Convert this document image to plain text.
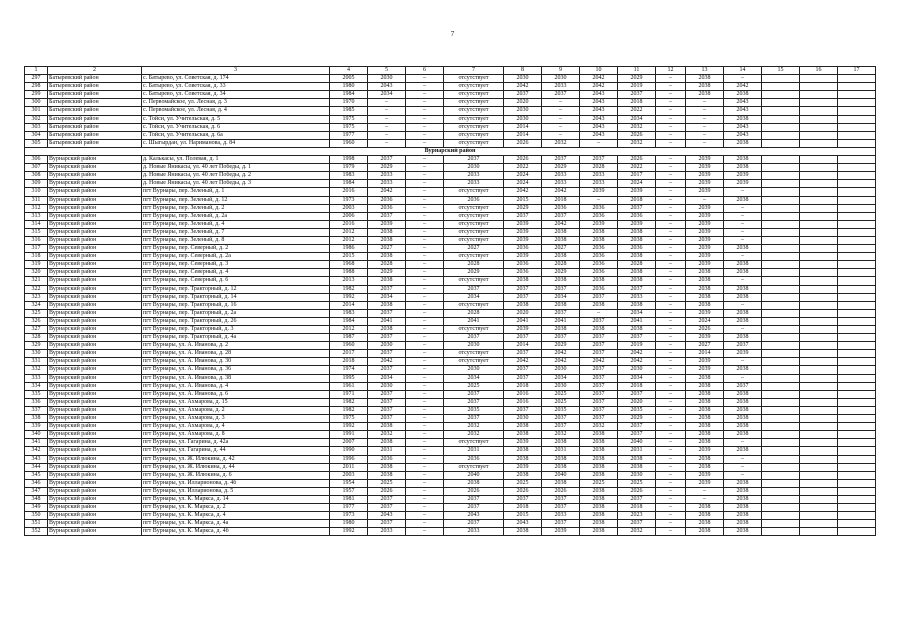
7
1	2	3	4	5	6	7	8	9	10	11	12	13	14	15	16	17
297	Батыревский район	с. Батырево, ул. Советская, д. 174	2005	2030	–	отсутствует	2030	2030	2042	2029	–	2038	–			
298	Батыревский район	с. Батырево, ул. Советская, д. 33	1980	2043	–	отсутствует	2042	2033	2042	2019	–	2038	2042			
299	Батыревский район	с. Батырево, ул. Советская, д. 34	1984	2034	–	отсутствует	2037	2037	2043	2037	–	2038	2038			
300	Батыревский район	с. Первомайское, ул. Лесная, д. 3	1970	–	–	отсутствует	2020	–	2043	2018	–	–	2043			
301	Батыревский район	с. Первомайское, ул. Лесная, д. 4	1985	–	–	отсутствует	2030	–	2043	2022	–	–	2043			
302	Батыревский район	с. Тойси, ул. Учительская, д. 5	1975	–	–	отсутствует	2030	–	2043	2034	–	–	2038			
303	Батыревский район	с. Тойси, ул. Учительская, д. 6	1975	–	–	отсутствует	2014	–	2043	2032	–	–	2043			
304	Батыревский район	с. Тойси, ул. Учительская, д. 6а	1977	–	–	отсутствует	2014	–	2043	2026	–	–	2043			
305	Батыревский район	с. Шыгырдан, ул. Нариманова, д. 84	1960	–	–	отсутствует	2026	2032	–	2032	–	–	2038			
Вурнарский район																
306	Вурнарский район	д. Калькасы, ул. Полевая, д. 1	1998	2037	–	2037	2026	2037	2037	2026	–	2039	2038			
307	Вурнарский район	д. Новые Яникасы, ул. 40 лет Победы, д. 1	1979	2029	–	2030	2022	2029	2028	2022	–	2039	2038			
308	Вурнарский район	д. Новые Яникасы, ул. 40 лет Победы, д. 2	1983	2033	–	2033	2024	2033	2033	2017	–	2039	2039			
309	Вурнарский район	д. Новые Яникасы, ул. 40 лет Победы, д. 3	1984	2033	–	2033	2024	2033	2033	2024	–	2039	2039			
310	Вурнарский район	пгт Вурнары, пер. Зеленый, д. 1	2016	2042	–	отсутствует	2042	2042	2039	2039	–	2039	–			
311	Вурнарский район	пгт Вурнары, пер. Зеленый, д. 12	1973	2036	–	2036	2015	2018	–	2018	–	–	2038			
312	Вурнарский район	пгт Вурнары, пер. Зеленый, д. 2	2003	2036	–	отсутствует	2029	2036	2036	2037	–	2039	–			
313	Вурнарский район	пгт Вурнары, пер. Зеленый, д. 2а	2006	2037	–	отсутствует	2037	2037	2036	2036	–	2039	–			
314	Вурнарский район	пгт Вурнары, пер. Зеленый, д. 4	2016	2039	–	отсутствует	2039	2042	2039	2039	–	2039	–			
315	Вурнарский район	пгт Вурнары, пер. Зеленый, д. 7	2012	2038	–	отсутствует	2039	2038	2038	2038	–	2039	–			
316	Вурнарский район	пгт Вурнары, пер. Зеленый, д. 8	2012	2038	–	отсутствует	2039	2038	2038	2038	–	2039	–			
317	Вурнарский район	пгт Вурнары, пер. Северный, д. 2	1986	2027	–	2027	2036	2027	2036	2036	–	2039	2038			
318	Вурнарский район	пгт Вурнары, пер. Северный, д. 2а	2015	2038	–	отсутствует	2039	2038	2036	2038	–	2039	–			
319	Вурнарский район	пгт Вурнары, пер. Северный, д. 3	1968	2028	–	2028	2036	2028	2036	2028	–	2039	2038			
320	Вурнарский район	пгт Вурнары, пер. Северный, д. 4	1988	2029	–	2029	2036	2029	2036	2038	–	2038	2038			
321	Вурнарский район	пгт Вурнары, пер. Северный, д. 6	2013	2038	–	отсутствует	2038	2038	2038	2038	–	2038	–			
322	Вурнарский район	пгт Вурнары, пер. Тракторный, д. 12	1982	2037	–	2037	2037	2037	2036	2037	–	2038	2038			
323	Вурнарский район	пгт Вурнары, пер. Тракторный, д. 14	1992	2034	–	2034	2037	2034	2037	2033	–	2038	2038			
324	Вурнарский район	пгт Вурнары, пер. Тракторный, д. 16	2014	2038	–	отсутствует	2038	2038	2038	2038	–	2038	–			
325	Вурнарский район	пгт Вурнары, пер. Тракторный, д. 2а	1983	2037	–	2028	2020	2037	–	2034	–	2039	2038			
326	Вурнарский район	пгт Вурнары, пер. Тракторный, д. 26	1984	2041	–	2041	2041	2041	2037	2041	–	2024	2038			
327	Вурнарский район	пгт Вурнары, пер. Тракторный, д. 3	2012	2038	–	отсутствует	2039	2038	2038	2038	–	2026	–			
328	Вурнарский район	пгт Вурнары, пер. Тракторный, д. 4а	1987	2037	–	2037	2037	2037	2037	2037	–	2039	2038			
329	Вурнарский район	пгт Вурнары, ул. А. Иванова, д. 2	1960	2030	–	2030	2014	2029	2037	2019	–	2027	2037			
330	Вурнарский район	пгт Вурнары, ул. А. Иванова, д. 28	2017	2037	–	отсутствует	2037	2042	2037	2042	–	2014	2039			
331	Вурнарский район	пгт Вурнары, ул. А. Иванова, д. 30	2018	2042	–	отсутствует	2042	2042	2042	2042	–	2039	–			
332	Вурнарский район	пгт Вурнары, ул. А. Иванова, д. 36	1974	2037	–	2030	2037	2030	2037	2030	–	2039	2038			
333	Вурнарский район	пгт Вурнары, ул. А. Иванова, д. 38	1995	2034	–	2034	2037	2034	2037	2034	–	2038	–			
334	Вурнарский район	пгт Вурнары, ул. А. Иванова, д. 4	1961	2030	–	2025	2018	2030	2037	2018	–	2038	2037			
335	Вурнарский район	пгт Вурнары, ул. А. Иванова, д. 6	1971	2037	–	2037	2016	2025	2037	2037	–	2038	2038			
336	Вурнарский район	пгт Вурнары, ул. Ахмарова, д. 15	1982	2037	–	2037	2016	2025	2037	2020	–	2038	2038			
337	Вурнарский район	пгт Вурнары, ул. Ахмарова, д. 2	1982	2037	–	2035	2037	2035	2037	2035	–	2038	2038			
338	Вурнарский район	пгт Вурнары, ул. Ахмарова, д. 3	1975	2037	–	2037	2030	2037	2037	2029	–	2038	2038			
339	Вурнарский район	пгт Вурнары, ул. Ахмарова, д. 4	1992	2038	–	2032	2038	2037	2032	2037	–	2038	2038			
340	Вурнарский район	пгт Вурнары, ул. Ахмарова, д. 8	1991	2032	–	2032	2038	2032	2038	2037	–	2038	2038			
341	Вурнарский район	пгт Вурнары, ул. Гагарина, д. 42а	2007	2038	–	отсутствует	2039	2038	2038	2040	–	2038	–			
342	Вурнарский район	пгт Вурнары, ул. Гагарина, д. 44	1990	2031	–	2031	2038	2031	2038	2031	–	2039	2038			
343	Вурнарский район	пгт Вурнары, ул. Ж. Илюкина, д. 42	1996	2036	–	2036	2038	2038	2038	2038	–	2038	–			
344	Вурнарский район	пгт Вурнары, ул. Ж. Илюкина, д. 44	2011	2038	–	отсутствует	2039	2038	2038	2038	–	2038	–			
345	Вурнарский район	пгт Вурнары, ул. Ж. Илюкина, д. 6	2003	2038	–	2040	2038	2040	2038	2030	–	2039	–			
346	Вурнарский район	пгт Вурнары, ул. Илларионова, д. 4б	1954	2025	–	2038	2025	2038	2025	2025	–	2039	2038			
347	Вурнарский район	пгт Вурнары, ул. Илларионова, д. 5	1957	2026	–	2026	2026	2026	2038	2026	–	–	2038			
348	Вурнарский район	пгт Вурнары, ул. К. Маркса, д. 14	1981	2037	–	2037	2037	2037	2038	2037	–	–	2038			
349	Вурнарский район	пгт Вурнары, ул. К. Маркса, д. 2	1977	2037	–	2037	2018	2037	2038	2018	–	2038	2038			
350	Вурнарский район	пгт Вурнары, ул. К. Маркса, д. 4	1973	2043	–	2043	2015	2033	2038	2023	–	2038	2038			
351	Вурнарский район	пгт Вурнары, ул. К. Маркса, д. 4а	1980	2037	–	2037	2043	2037	2038	2037	–	2038	2038			
352	Вурнарский район	пгт Вурнары, ул. К. Маркса, д. 4б	1992	2033	–	2033	2038	2039	2038	2032	–	2038	2038			
